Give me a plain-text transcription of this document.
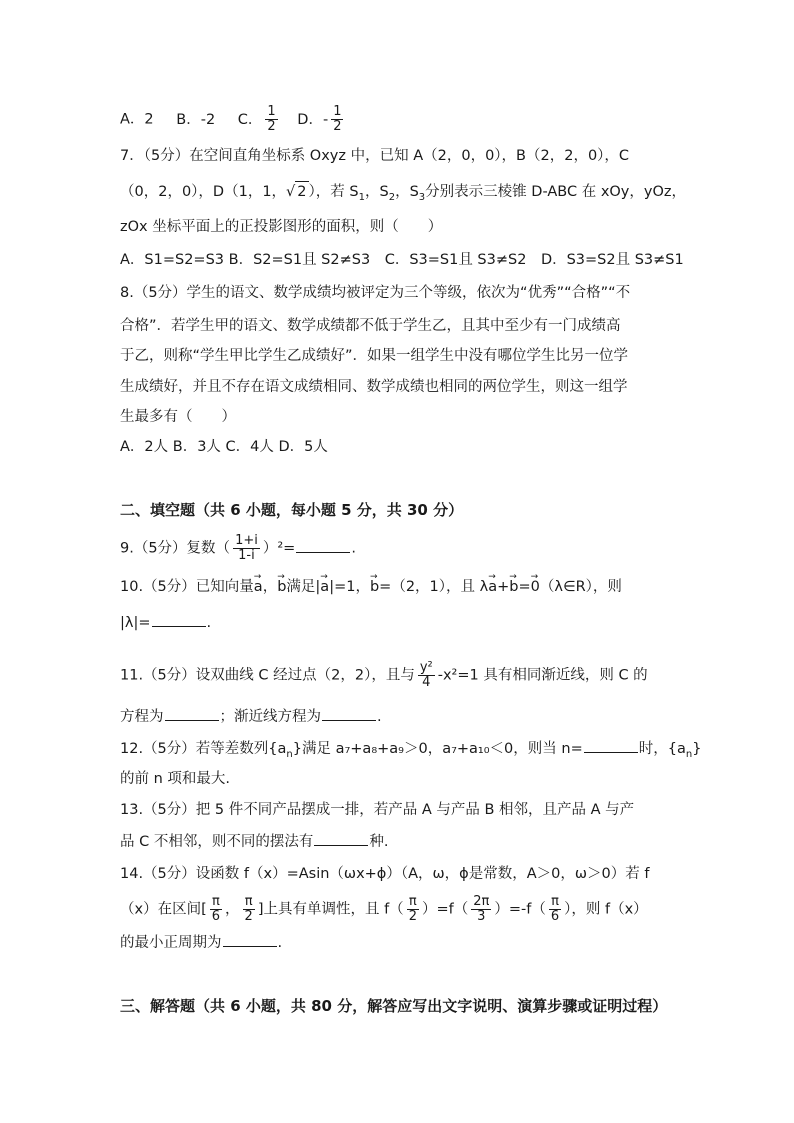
A．2 B．-2 C． $\frac{1}{2}$ D．- $\frac{1}{2}$
7．（5分）在空间直角坐标系 Oxyz 中，已知 A（2，0，0），B（2，2，0），C
（0，2，0），D（1，1，√ 2 ），若 $S_1$，$S_2$，$S_3$分别表示三棱锥 D-ABC 在 xOy，yOz，
zOx 坐标平面上的正投影图形的面积，则（　　）
A．S1=S2=S3 B．S2=S1且 S2≠S3　C．S3=S1且 S3≠S2　D．S3=S2且 S3≠S1
8.（5分）学生的语文、数学成绩均被评定为三个等级，依次为“优秀”“合格”“不
合格”．若学生甲的语文、数学成绩都不低于学生乙，且其中至少有一门成绩高
于乙，则称“学生甲比学生乙成绩好”．如果一组学生中没有哪位学生比另一位学
生成绩好，并且不存在语文成绩相同、数学成绩也相同的两位学生，则这一组学
生最多有（　　）
A．2人 B．3人 C．4人 D．5人
二、填空题（共 6 小题，每小题 5 分，共 30 分）
9.（5分）复数（ $\frac{1+i}{1-i} )^2=$	.
10.（5分）已知向量→ a，→ b满足|→ a|=1，→ b=（2，1），且 λ→ a+→ b=→ 0（λ∈R），则
|λ|=	.
11.（5分）设双曲线 C 经过点（2，2），且与 $\frac{\text{y²}}{4} -x^2=1$ 具有相同渐近线，则 C 的
方程为	；渐近线方程为	.
12.（5分）若等差数列$\{a_n\}$满足 a₇+a₈+a₉＞0，a₇+a₁₀＜0，则当 n=	时，$\{a_n\}$
的前 n 项和最大.
13.（5分）把 5 件不同产品摆成一排，若产品 A 与产品 B 相邻，且产品 A 与产
品 C 不相邻，则不同的摆法有	种.
14.（5分）设函数 f（x）=Asin（ωx+ϕ）（A，ω，ϕ是常数，A＞0，ω＞0）若 f
（x）在区间[ $\frac{\pi}{6}$ ， $\frac{\pi}{2}$ ]上具有单调性，且 $f( \frac{\pi}{2} )=f( \frac{2\pi}{3} )=-f( \frac{\pi}{6}$ ），则 f（x）
的最小正周期为	.
三、解答题（共 6 小题，共 80 分，解答应写出文字说明、演算步骤或证明过程）
